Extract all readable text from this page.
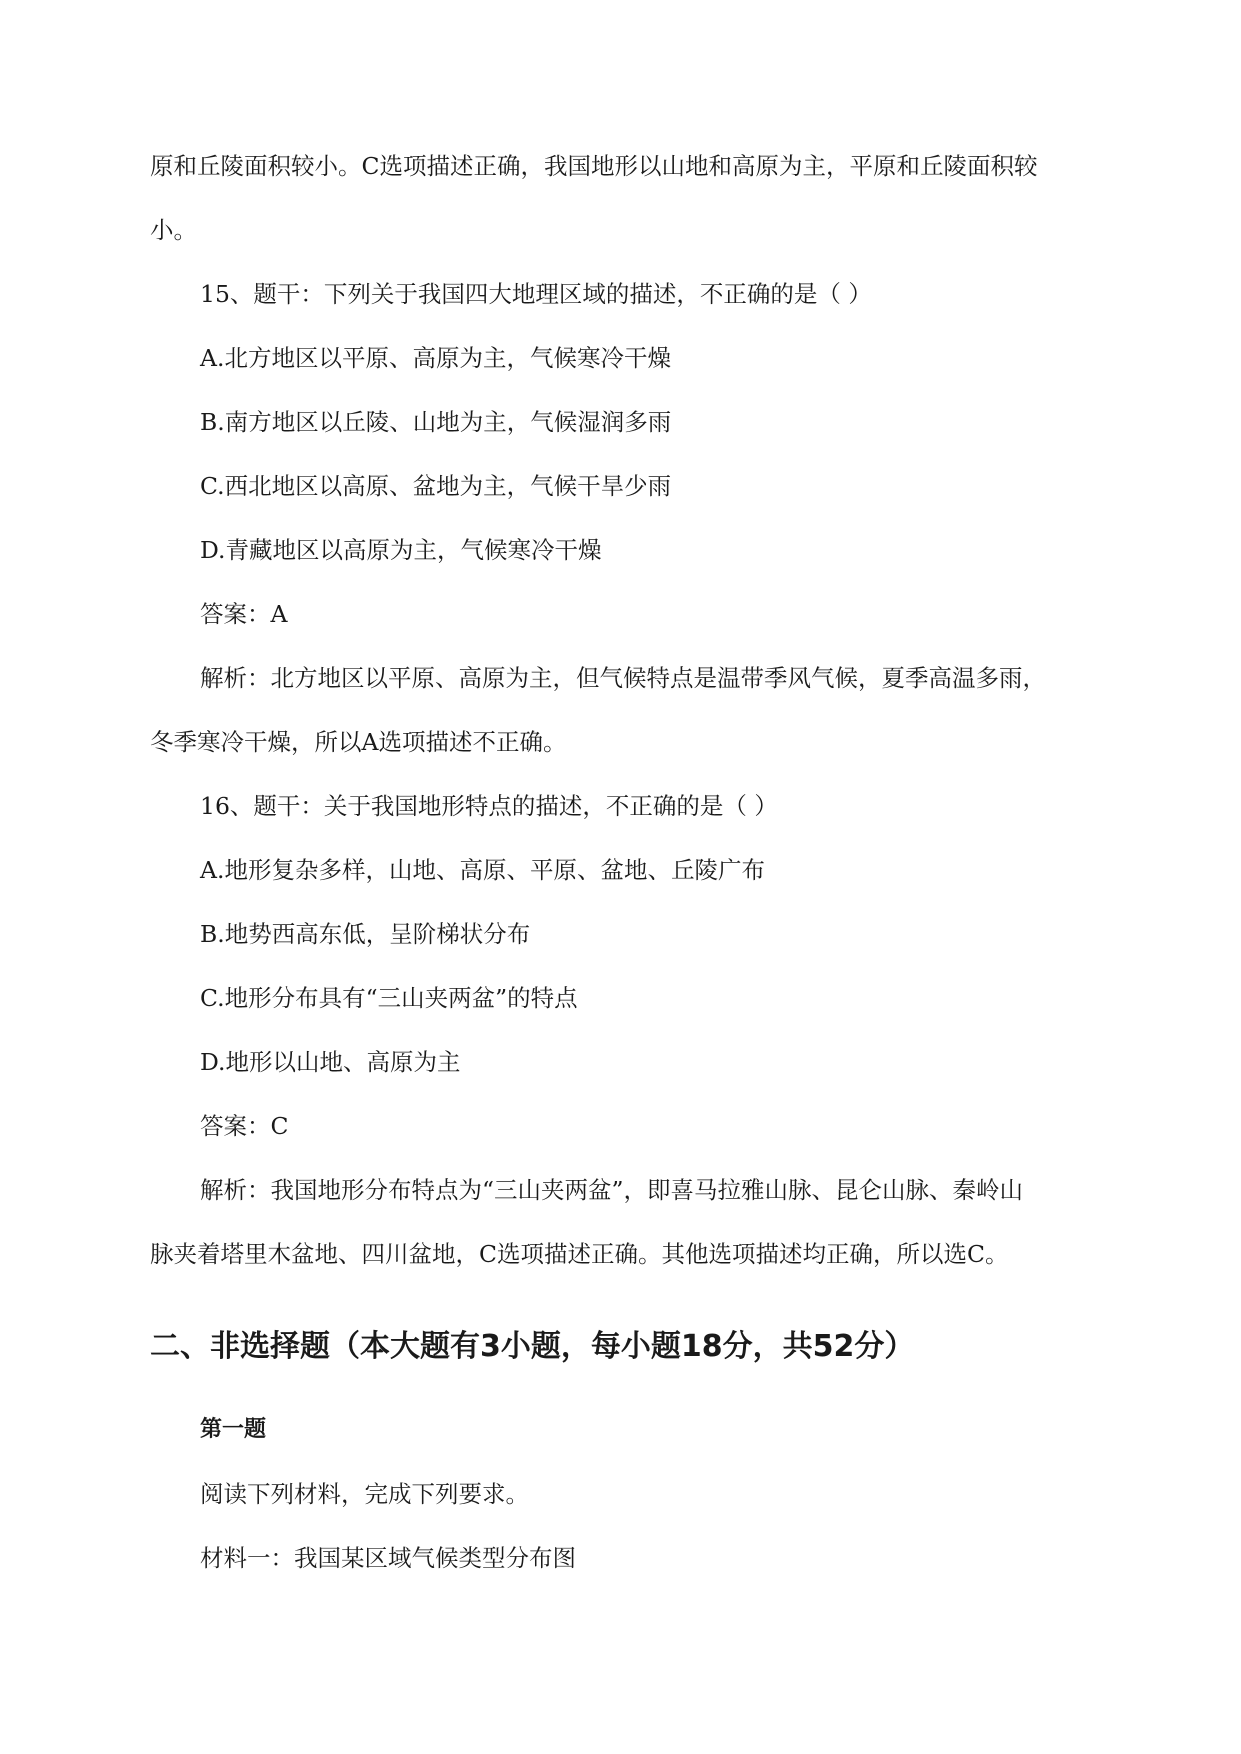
原和丘陵面积较小。C选项描述正确，我国地形以山地和高原为主，平原和丘陵面积较

小。

15、题干：下列关于我国四大地理区域的描述，不正确的是（ ）

A.北方地区以平原、高原为主，气候寒冷干燥

B.南方地区以丘陵、山地为主，气候湿润多雨

C.西北地区以高原、盆地为主，气候干旱少雨

D.青藏地区以高原为主，气候寒冷干燥

答案：A

解析：北方地区以平原、高原为主，但气候特点是温带季风气候，夏季高温多雨，

冬季寒冷干燥，所以A选项描述不正确。

16、题干：关于我国地形特点的描述，不正确的是（ ）

A.地形复杂多样，山地、高原、平原、盆地、丘陵广布

B.地势西高东低，呈阶梯状分布

C.地形分布具有“三山夹两盆”的特点

D.地形以山地、高原为主

答案：C

解析：我国地形分布特点为“三山夹两盆”，即喜马拉雅山脉、昆仑山脉、秦岭山

脉夹着塔里木盆地、四川盆地，C选项描述正确。其他选项描述均正确，所以选C。

二、非选择题（本大题有3小题，每小题18分，共52分）
第一题

阅读下列材料，完成下列要求。

材料一：我国某区域气候类型分布图
